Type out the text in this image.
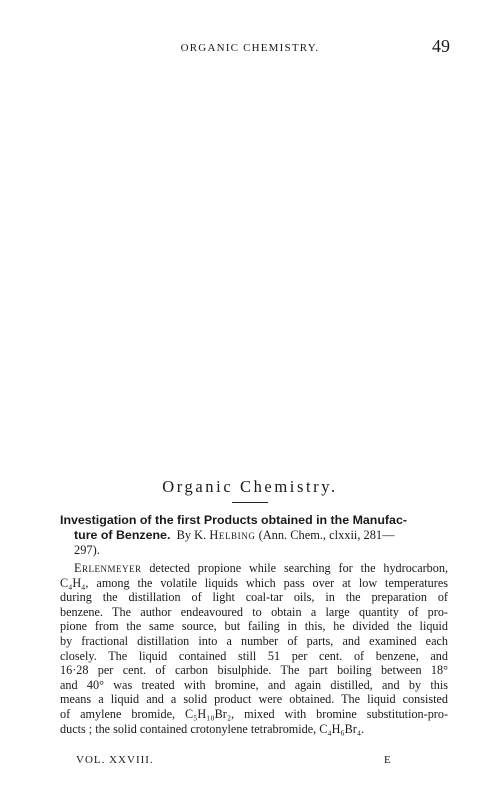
ORGANIC CHEMISTRY.	49
Organic Chemistry.
Investigation of the first Products obtained in the Manufac-
ture of Benzene. By K. Helbing (Ann. Chem., clxxii, 281—
297).
Erlenmeyer detected propione while searching for the hydrocarbon,
C₄H₄, among the volatile liquids which pass over at low temperatures
during the distillation of light coal-tar oils, in the preparation of
benzene. The author endeavoured to obtain a large quantity of pro-
pione from the same source, but failing in this, he divided the liquid
by fractional distillation into a number of parts, and examined each
closely. The liquid contained still 51 per cent. of benzene, and
16·28 per cent. of carbon bisulphide. The part boiling between 18°
and 40° was treated with bromine, and again distilled, and by this
means a liquid and a solid product were obtained. The liquid consisted
of amylene bromide, C₅H₁₀Br₂, mixed with bromine substitution-pro-
ducts ; the solid contained crotonylene tetrabromide, C₄H₆Br₄.
VOL. XXVIII.	E
